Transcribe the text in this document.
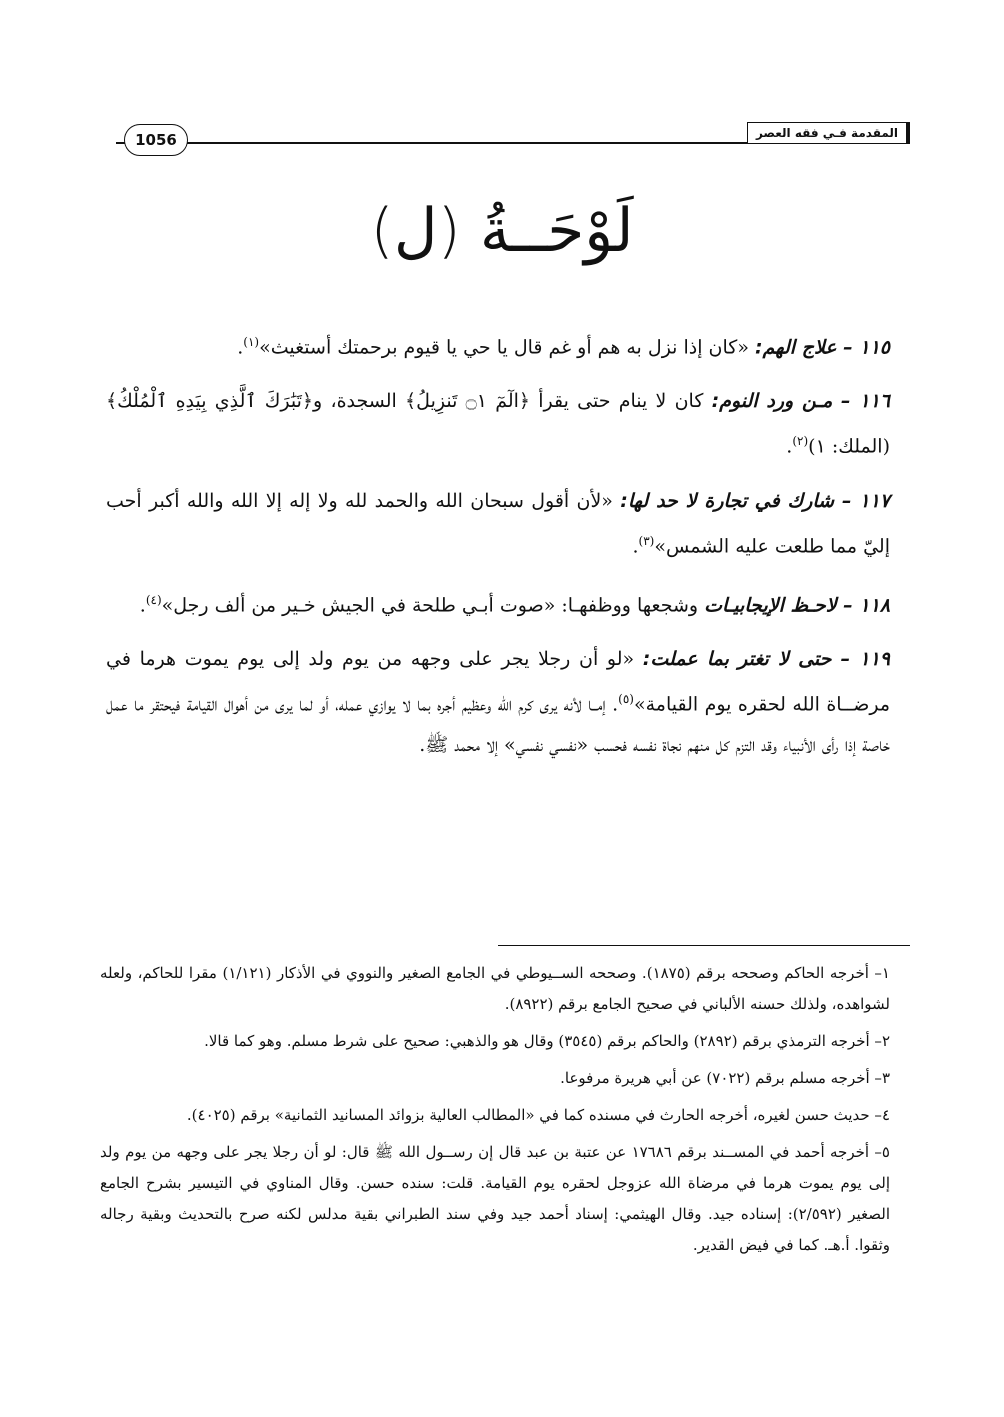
المقدمة فـي فقه العصر
1056
لَوْحَــةُ (ل)

١١٥ – علاج الهم: «كان إذا نزل به هم أو غم قال يا حي يا قيوم برحمتك أستغيث»$^{(١)}$.

١١٦ – مـن ورد النوم: كان لا ينام حتى يقرأ ﴿الٓمٓ ۝١ تَنزِيلُ﴾ السجدة، و﴿تَبَٰرَكَ ٱلَّذِي بِيَدِهِ ٱلْمُلْكُ﴾ (الملك: ١)$^{(٢)}$.

١١٧ – شارك في تجارة لا حد لها: «لأن أقول سبحان الله والحمد لله ولا إله إلا الله والله أكبر أحب إليّ مما طلعت عليه الشمس»$^{(٣)}$.

١١٨ – لاحـظ الإيجابيـات وشجعها ووظفهـا: «صوت أبـي طلحة في الجيش خـير من ألف رجل»$^{(٤)}$.

١١٩ – حتى لا تغتر بما عملت: «لو أن رجلا يجر على وجهه من يوم ولد إلى يوم يموت هرما في مرضــاة الله لحقره يوم القيامة»$^{(٥)}$. إمــا لأنه يرى كرم الله وعظيم أجره بما لا يوازي عمله، أو لما يرى من أهوال القيامة فيحتقر ما عمل خاصة إذا رأى الأنبياء وقد التزم كل منهم نجاة نفسه فحسب «نفسي نفسي» إلا محمد ﷺ.

١– أخرجه الحاكم وصححه برقم (١٨٧٥). وصححه الســيوطي في الجامع الصغير والنووي في الأذكار (١/١٢١) مقرا للحاكم، ولعله لشواهده، ولذلك حسنه الألباني في صحيح الجامع برقم (٨٩٢٢).

٢– أخرجه الترمذي برقم (٢٨٩٢) والحاكم برقم (٣٥٤٥) وقال هو والذهبي: صحيح على شرط مسلم. وهو كما قالا.

٣– أخرجه مسلم برقم (٧٠٢٢) عن أبي هريرة مرفوعا.

٤– حديث حسن لغيره، أخرجه الحارث في مسنده كما في «المطالب العالية بزوائد المسانيد الثمانية» برقم (٤٠٢٥).

٥– أخرجه أحمد في المســند برقم ١٧٦٨٦ عن عتبة بن عبد قال إن رســول الله ﷺ قال: لو أن رجلا يجر على وجهه من يوم ولد إلى يوم يموت هرما في مرضاة الله عزوجل لحقره يوم القيامة. قلت: سنده حسن. وقال المناوي في التيسير بشرح الجامع الصغير (٢/٥٩٢): إسناده جيد. وقال الهيثمي: إسناد أحمد جيد وفي سند الطبراني بقية مدلس لكنه صرح بالتحديث وبقية رجاله وثقوا. أ.هـ. كما في فيض القدير.
